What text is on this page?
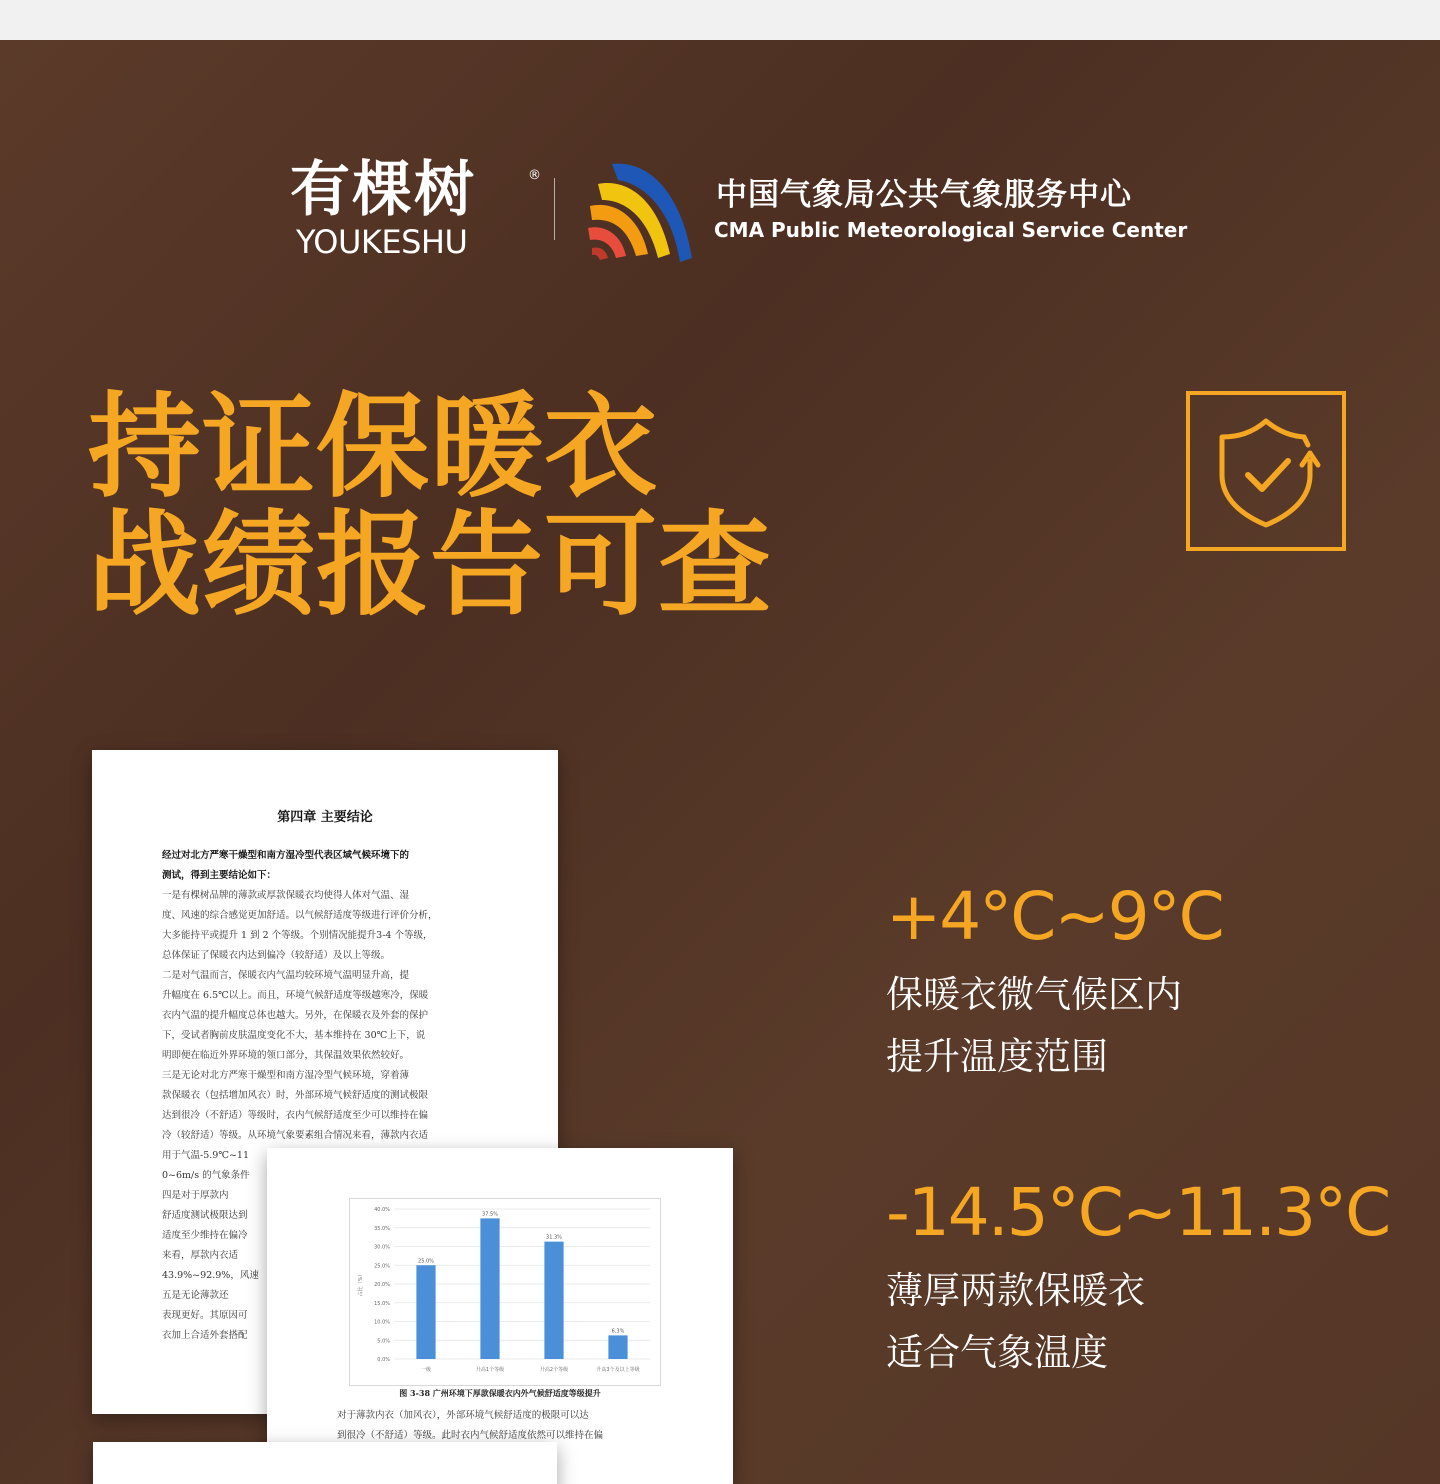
有棵树	®
YOUKESHU
中国气象局公共气象服务中心
CMA Public Meteorological Service Center
持证保暖衣
战绩报告可查
第四章 主要结论
经过对北方严寒干燥型和南方湿冷型代表区域气候环境下的
测试，得到主要结论如下：
一是有棵树品牌的薄款或厚款保暖衣均使得人体对气温、湿
度、风速的综合感觉更加舒适。以气候舒适度等级进行评价分析，
大多能持平或提升 1 到 2 个等级。个别情况能提升3-4 个等级，
总体保证了保暖衣内达到偏冷（较舒适）及以上等级。
二是对气温而言，保暖衣内气温均较环境气温明显升高，提
升幅度在 6.5℃以上。而且，环境气候舒适度等级越寒冷，保暖
衣内气温的提升幅度总体也越大。另外，在保暖衣及外套的保护
下，受试者胸前皮肤温度变化不大，基本维持在 30℃上下，说
明即便在临近外界环境的领口部分，其保温效果依然较好。
三是无论对北方严寒干燥型和南方湿冷型气候环境，穿着薄
款保暖衣（包括增加风衣）时，外部环境气候舒适度的测试极限
达到很冷（不舒适）等级时，衣内气候舒适度至少可以维持在偏
冷（较舒适）等级。从环境气象要素组合情况来看，薄款内衣适
用于气温-5.9℃~11
0~6m/s 的气象条件
四是对于厚款内
舒适度测试极限达到
适度至少维持在偏冷
来看，厚款内衣适
43.9%~92.9%，风速
五是无论薄款还
表现更好。其原因可
衣加上合适外套搭配
0.0%
5.0%
10.0%
15.0%
20.0%
25.0%
30.0%
35.0%
40.0%
占比（%）
25.0%
一级
37.5%
升高1个等级
31.3%
升高2个等级
6.3%
升高3个及以上等级
图 3-38 广州环境下厚款保暖衣内外气候舒适度等级提升
对于薄款内衣（加风衣），外部环境气候舒适度的极限可以达
到很冷（不舒适）等级。此时衣内气候舒适度依然可以维持在偏

+4°C~9°C
保暖衣微气候区内
提升温度范围
-14.5°C~11.3°C
薄厚两款保暖衣
适合气象温度
